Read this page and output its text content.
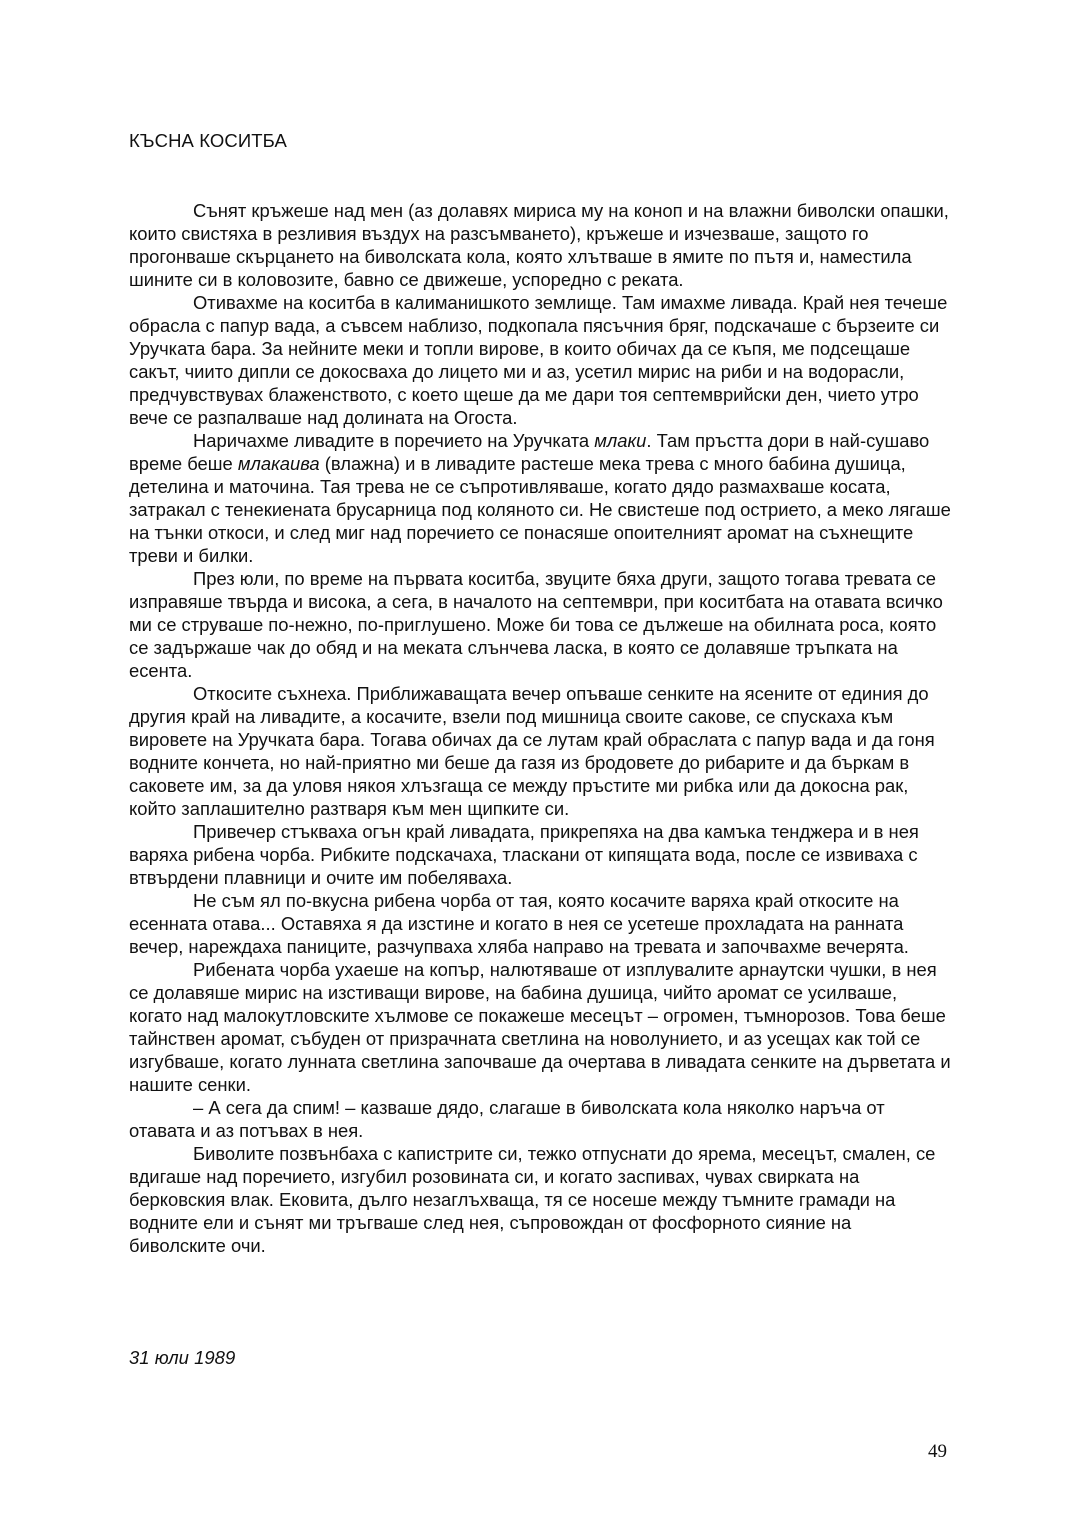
КЪСНА КОСИТБА

Сънят кръжеше над мен (аз долавях мириса му на коноп и на влажни биволски опашки, които свистяха в резливия въздух на разсъмването), кръжеше и изчезваше, защото го прогонваше скърцането на биволската кола, която хлътваше в ямите по пътя и, наместила шините си в коловозите, бавно се движеше, успоредно с реката.

Отивахме на коситба в калиманишкото землище. Там имахме ливада. Край нея течеше обрасла с папур вада, а съвсем наблизо, подкопала пясъчния бряг, подскачаше с бързеите си Уручката бара. За нейните меки и топли вирове, в които обичах да се къпя, ме подсещаше сакът, чиито дипли се докосваха до лицето ми и аз, усетил мирис на риби и на водорасли, предчувствувах блаженството, с което щеше да ме дари тоя септемврийски ден, чието утро вече се разпалваше над долината на Огоста.

Наричахме ливадите в поречието на Уручката млаки. Там пръстта дори в най-сушаво време беше млакаива (влажна) и в ливадите растеше мека трева с много бабина душица, детелина и маточина. Тая трева не се съпротивляваше, когато дядо размахваше косата, затракал с тенекиената брусарница под коляното си. Не свистеше под острието, а меко лягаше на тънки откоси, и след миг над поречието се понасяше опоителният аромат на съхнещите треви и билки.

През юли, по време на първата коситба, звуците бяха други, защото тогава тревата се изправяше твърда и висока, а сега, в началото на септември, при коситбата на отавата всичко ми се струваше по-нежно, по-приглушено. Може би това се дължеше на обилната роса, която се задържаше чак до обяд и на меката слънчева ласка, в която се долавяше тръпката на есента.

Откосите съхнеха. Приближаващата вечер опъваше сенките на ясените от единия до другия край на ливадите, а косачите, взели под мишница своите сакове, се спускаха към вировете на Уручката бара. Тогава обичах да се лутам край обраслата с папур вада и да гоня водните кончета, но най-приятно ми беше да газя из бродовете до рибарите и да бъркам в саковете им, за да уловя някоя хлъзгаща се между пръстите ми рибка или да докосна рак, който заплашително разтваря към мен щипките си.

Привечер стъкваха огън край ливадата, прикрепяха на два камъка тенджера и в нея варяха рибена чорба. Рибките подскачаха, тласкани от кипящата вода, после се извиваха с втвърдени плавници и очите им побеляваха.

Не съм ял по-вкусна рибена чорба от тая, която косачите варяха край откосите на есенната отава... Оставяха я да изстине и когато в нея се усетеше прохладата на ранната вечер, нареждаха паниците, разчупваха хляба направо на тревата и започвахме вечерята.

Рибената чорба ухаеше на копър, налютяваше от изплувалите арнаутски чушки, в нея се долавяше мирис на изстиващи вирове, на бабина душица, чийто аромат се усилваше, когато над малокутловските хълмове се покажеше месецът – огромен, тъмнорозов. Това беше тайнствен аромат, събуден от призрачната светлина на новолунието, и аз усещах как той се изгубваше, когато лунната светлина започваше да очертава в ливадата сенките на дърветата и нашите сенки.

– А сега да спим! – казваше дядо, слагаше в биволската кола няколко наръча от отавата и аз потъвах в нея.

Биволите позвънбаха с капистрите си, тежко отпуснати до ярема, месецът, смален, се вдигаше над поречието, изгубил розовината си, и когато заспивах, чувах свирката на берковския влак. Ековита, дълго незаглъхваща, тя се носеше между тъмните грамади на водните ели и сънят ми тръгваше след нея, съпровождан от фосфорното сияние на биволските очи.

31 юли 1989
49
